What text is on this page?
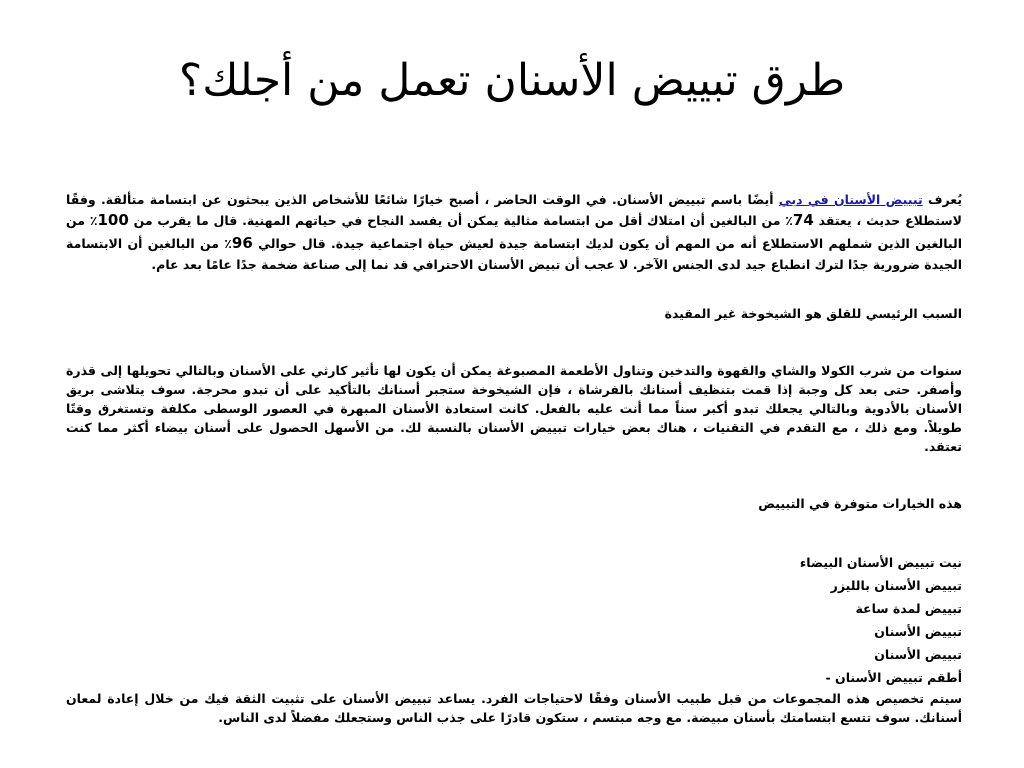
طرق تبييض الأسنان تعمل من أجلك؟

يُعرف تبييض الأسنان في دبي أيضًا باسم تبييض الأسنان. في الوقت الحاضر ، أصبح خيارًا شائعًا للأشخاص الذين يبحثون عن ابتسامة متألقة. وفقًا لاستطلاع حديث ، يعتقد 74٪ من البالغين أن امتلاك أقل من ابتسامة مثالية يمكن أن يفسد النجاح في حياتهم المهنية. قال ما يقرب من 100٪ من البالغين الذين شملهم الاستطلاع أنه من المهم أن يكون لديك ابتسامة جيدة لعيش حياة اجتماعية جيدة. قال حوالي 96٪ من البالغين أن الابتسامة الجيدة ضرورية جدًا لترك انطباع جيد لدى الجنس الآخر. لا عجب أن تبيض الأسنان الاحترافي قد نما إلى صناعة ضخمة جدًا عامًا بعد عام.

السبب الرئيسي للقلق هو الشيخوخة غير المقيدة

سنوات من شرب الكولا والشاي والقهوة والتدخين وتناول الأطعمة المصبوغة يمكن أن يكون لها تأثير كارثي على الأسنان وبالتالي تحويلها إلى قذرة وأصفر. حتى بعد كل وجبة إذا قمت بتنظيف أسنانك بالفرشاة ، فإن الشيخوخة ستجبر أسنانك بالتأكيد على أن تبدو محرجة. سوف يتلاشى بريق الأسنان بالأدوية وبالتالي يجعلك تبدو أكبر سناً مما أنت عليه بالفعل. كانت استعادة الأسنان المبهرة في العصور الوسطى مكلفة وتستغرق وقتًا طويلاً. ومع ذلك ، مع التقدم في التقنيات ، هناك بعض خيارات تبييض الأسنان بالنسبة لك. من الأسهل الحصول على أسنان بيضاء أكثر مما كنت تعتقد.

هذه الخيارات متوفرة في التبييض

نيت تبييض الأسنان البيضاء

تبييض الأسنان بالليزر

تبييض لمدة ساعة

تبييض الأسنان

تبييض الأسنان

أطقم تبييض الأسنان -

سيتم تخصيص هذه المجموعات من قبل طبيب الأسنان وفقًا لاحتياجات الفرد. يساعد تبييض الأسنان على تثبيت الثقة فيك من خلال إعادة لمعان أسنانك. سوف تتسع ابتسامتك بأسنان مبيضة. مع وجه مبتسم ، ستكون قادرًا على جذب الناس وستجعلك مفضلاً لدى الناس.
